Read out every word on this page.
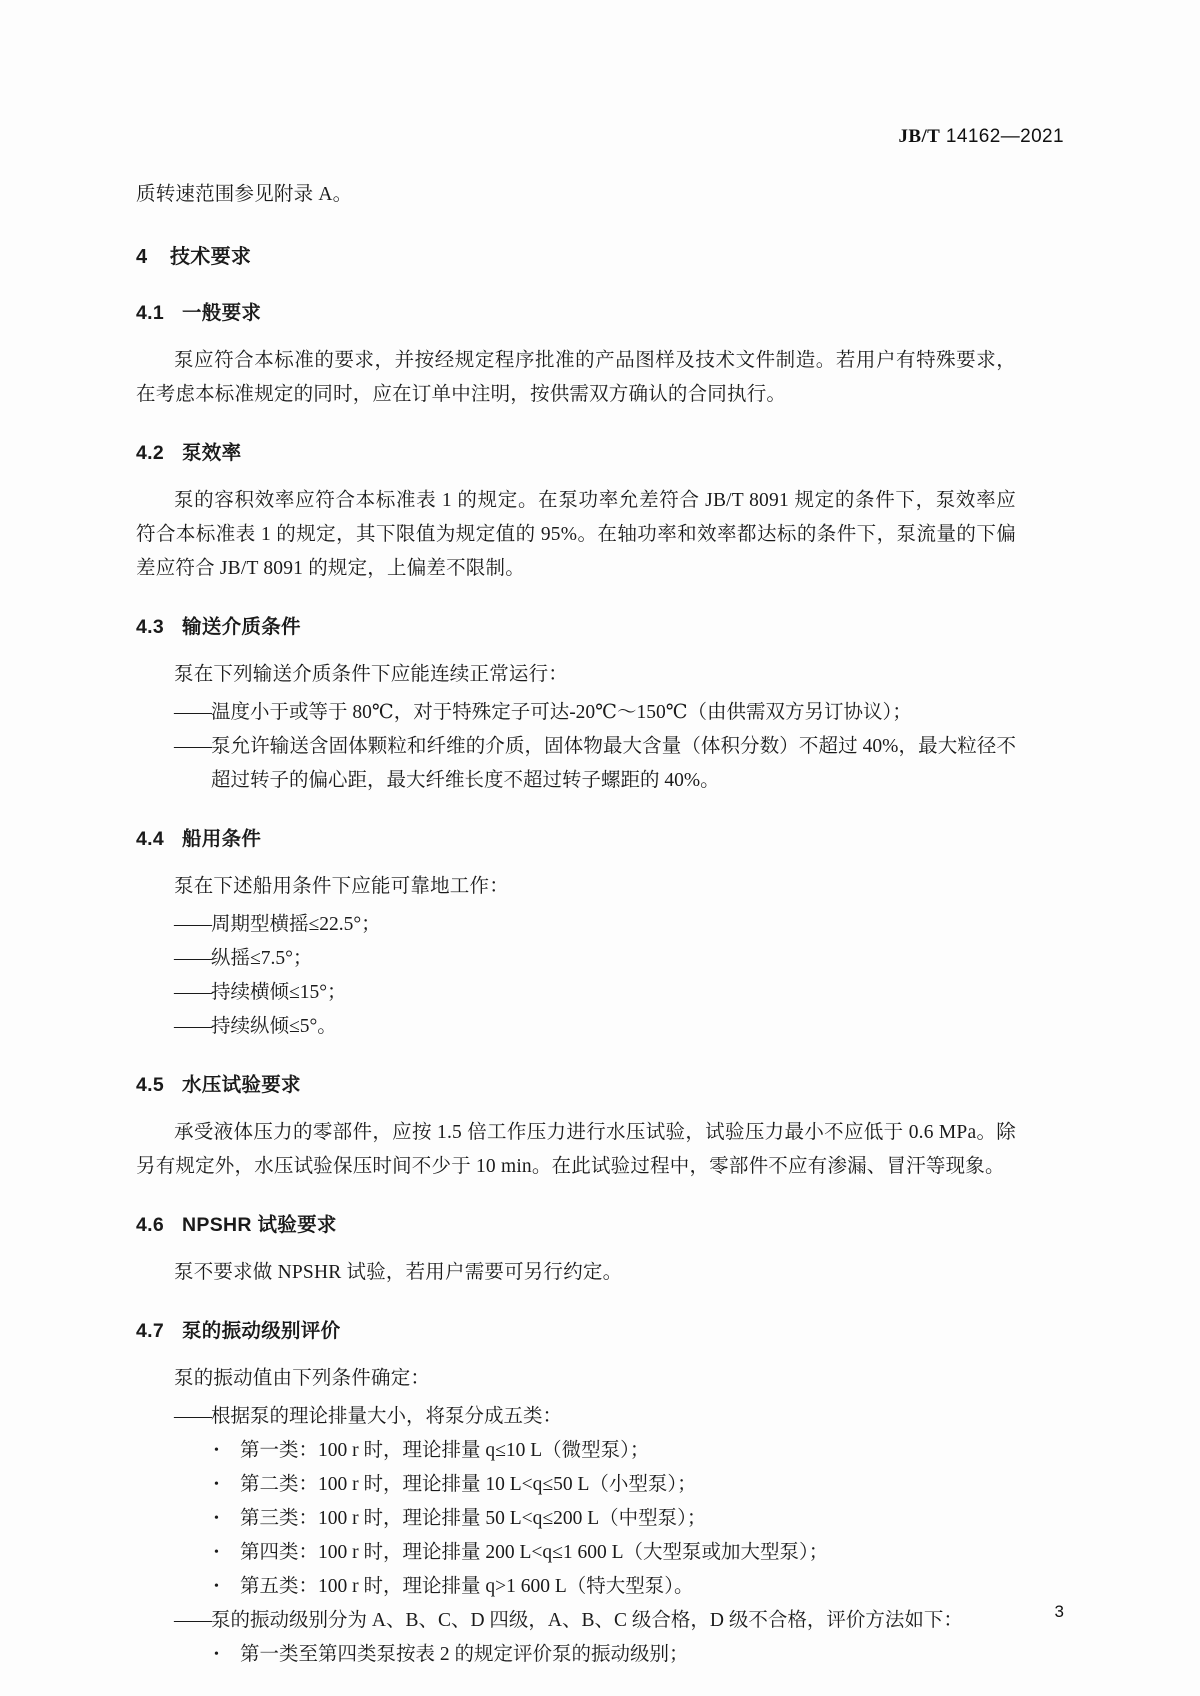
JB/T 14162—2021

质转速范围参见附录 A。

4 技术要求
4.1 一般要求

泵应符合本标准的要求，并按经规定程序批准的产品图样及技术文件制造。若用户有特殊要求，在考虑本标准规定的同时，应在订单中注明，按供需双方确认的合同执行。

4.2 泵效率

泵的容积效率应符合本标准表 1 的规定。在泵功率允差符合 JB/T 8091 规定的条件下，泵效率应符合本标准表 1 的规定，其下限值为规定值的 95%。在轴功率和效率都达标的条件下，泵流量的下偏差应符合 JB/T 8091 的规定，上偏差不限制。

4.3 输送介质条件

泵在下列输送介质条件下应能连续正常运行：

—— 温度小于或等于 80℃，对于特殊定子可达-20℃～150℃（由供需双方另订协议）；
—— 泵允许输送含固体颗粒和纤维的介质，固体物最大含量（体积分数）不超过 40%，最大粒径不超过转子的偏心距，最大纤维长度不超过转子螺距的 40%。
4.4 船用条件

泵在下述船用条件下应能可靠地工作：

—— 周期型横摇≤22.5°；
—— 纵摇≤7.5°；
—— 持续横倾≤15°；
—— 持续纵倾≤5°。
4.5 水压试验要求

承受液体压力的零部件，应按 1.5 倍工作压力进行水压试验，试验压力最小不应低于 0.6 MPa。除另有规定外，水压试验保压时间不少于 10 min。在此试验过程中，零部件不应有渗漏、冒汗等现象。

4.6 NPSHR 试验要求

泵不要求做 NPSHR 试验，若用户需要可另行约定。

4.7 泵的振动级别评价

泵的振动值由下列条件确定：

—— 根据泵的理论排量大小，将泵分成五类：
•	第一类：100 r 时，理论排量 q≤10 L（微型泵）；
•	第二类：100 r 时，理论排量 10 L<q≤50 L（小型泵）；
•	第三类：100 r 时，理论排量 50 L<q≤200 L（中型泵）；
•	第四类：100 r 时，理论排量 200 L<q≤1 600 L（大型泵或加大型泵）；
•	第五类：100 r 时，理论排量 q>1 600 L（特大型泵）。
—— 泵的振动级别分为 A、B、C、D 四级，A、B、C 级合格，D 级不合格，评价方法如下：
•	第一类至第四类泵按表 2 的规定评价泵的振动级别；
3
